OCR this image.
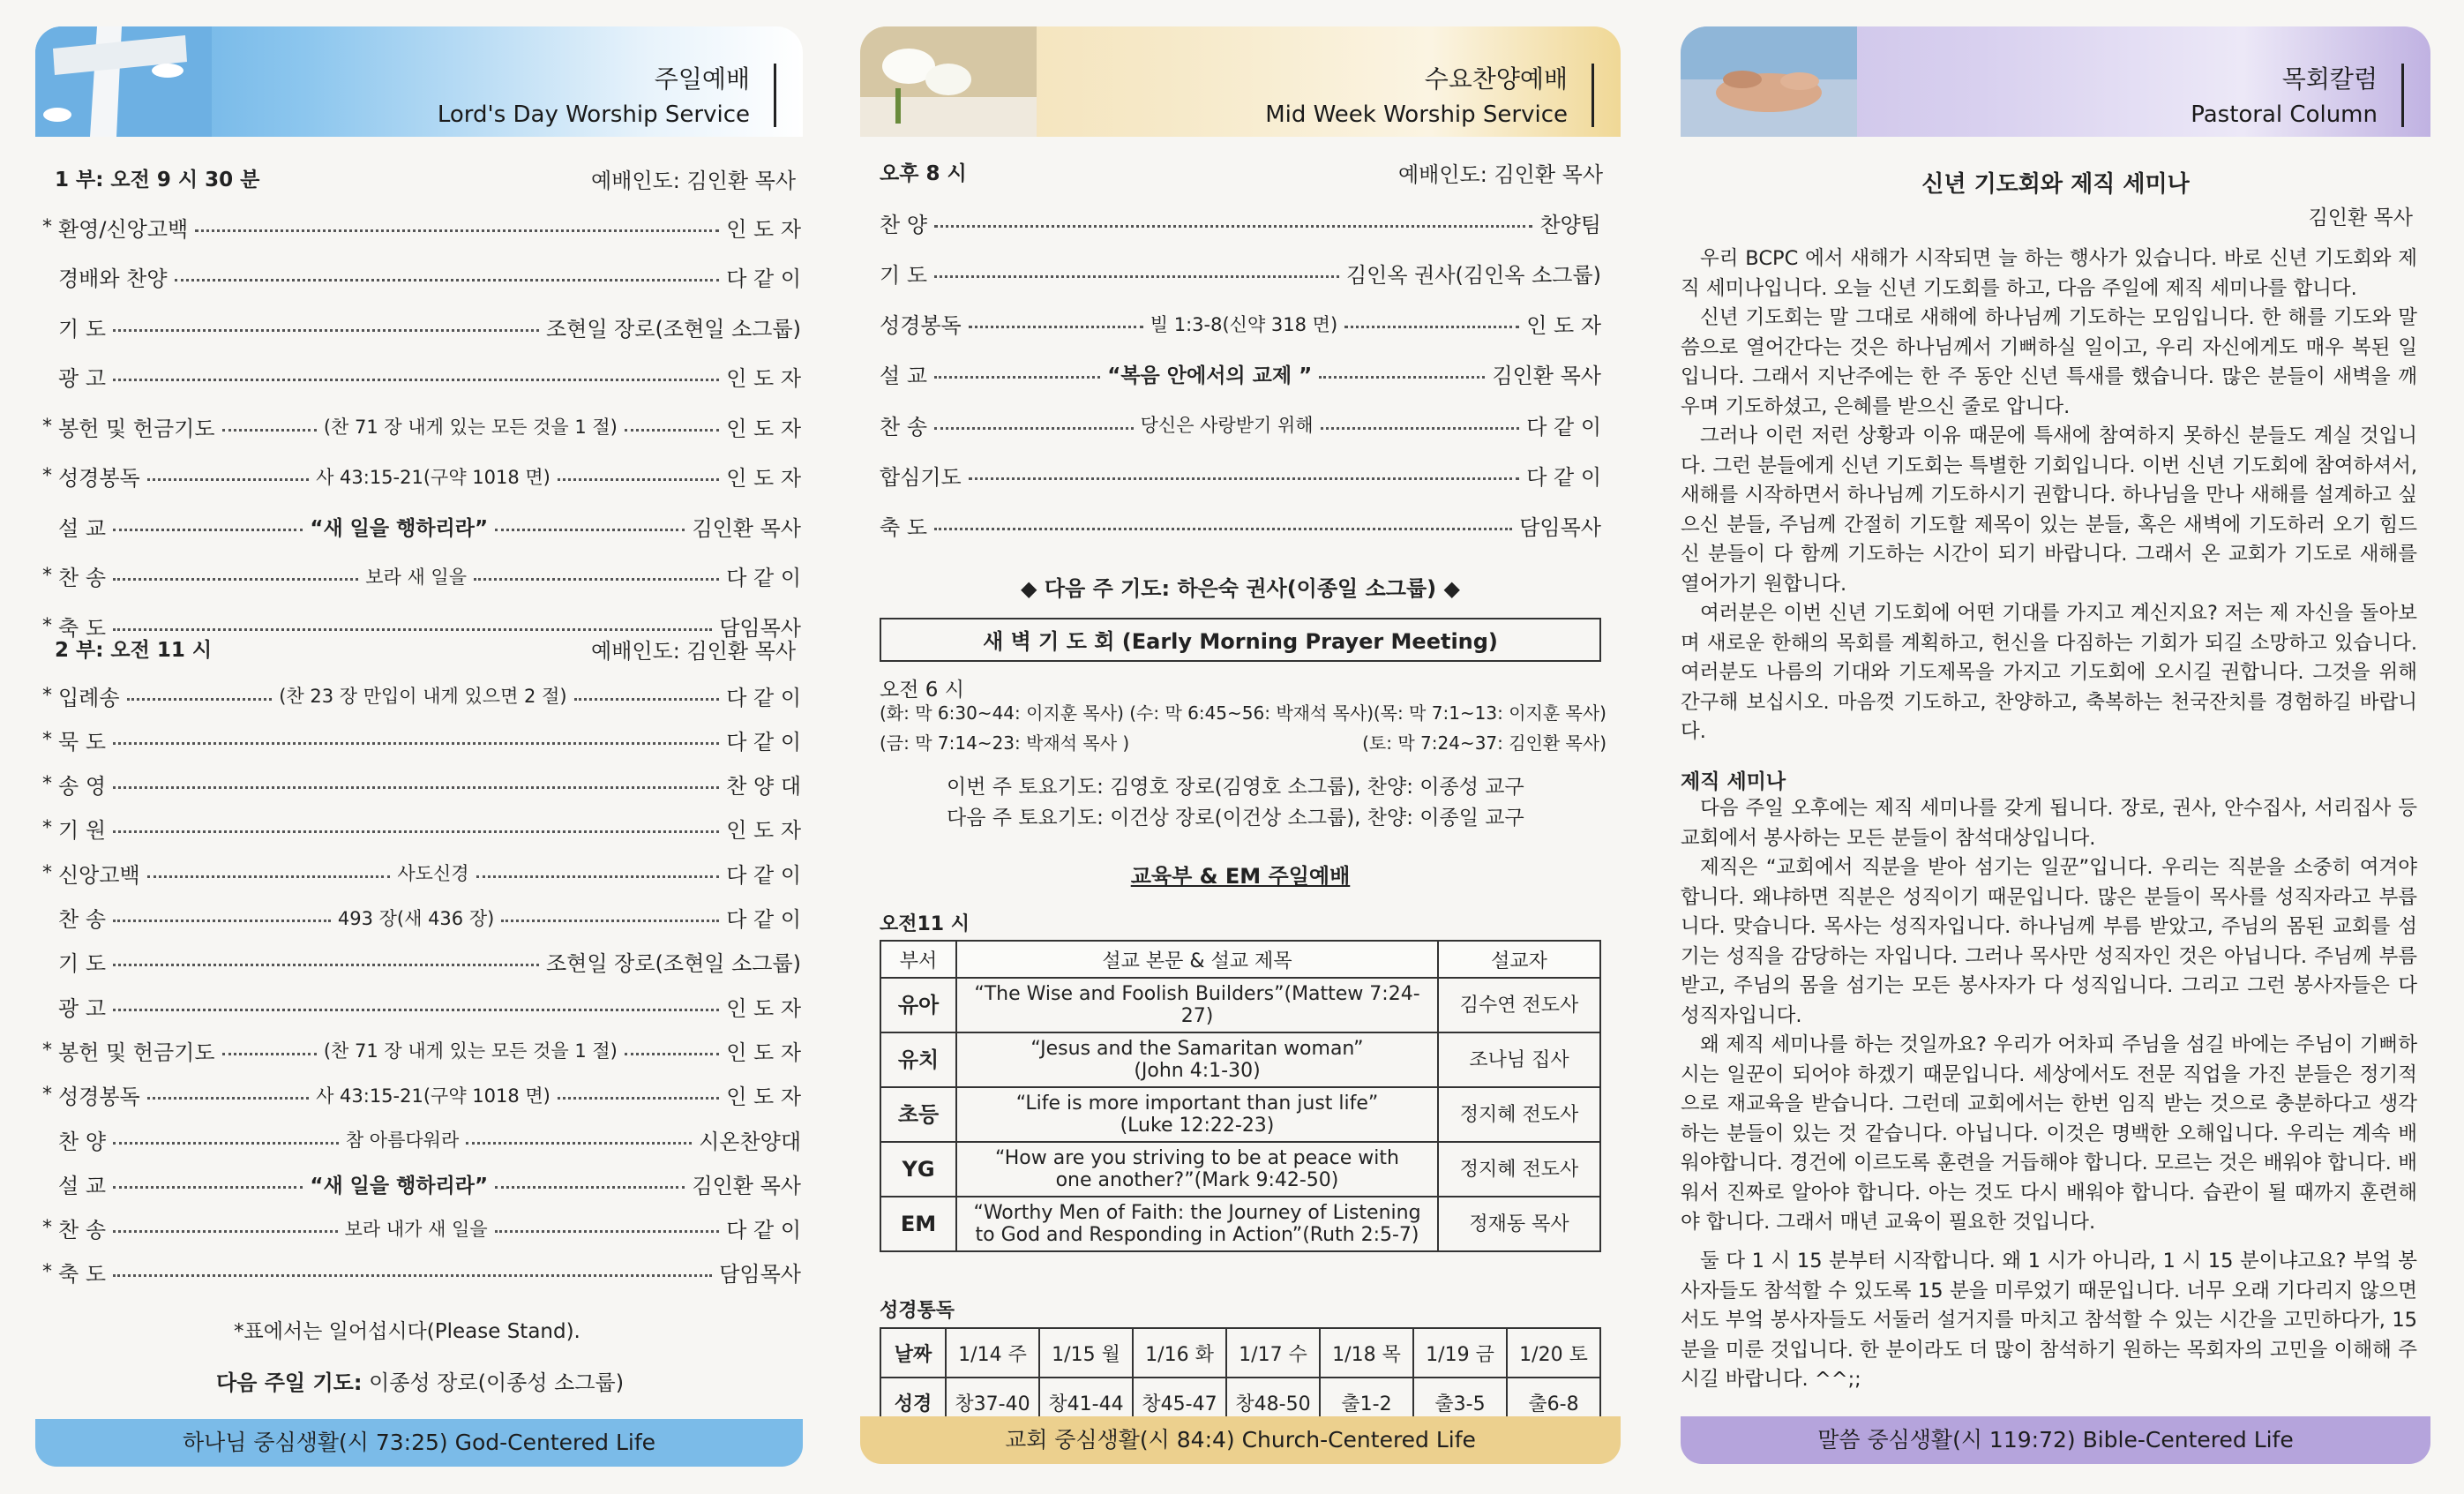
주일예배
Lord's Day Worship Service
1 부: 오전 9 시 30 분	예배인도: 김인환 목사
* 환영/신앙고백	인 도 자
경배와 찬양	다 같 이
기 도	조현일 장로(조현일 소그룹)
광 고	인 도 자
* 봉헌 및 헌금기도	(찬 71 장 내게 있는 모든 것을 1 절)	인 도 자
* 성경봉독	사 43:15-21(구약 1018 면)	인 도 자
설 교	“새 일을 행하리라”	김인환 목사
* 찬 송	보라 새 일을	다 같 이
* 축 도	담임목사
2 부: 오전 11 시	예배인도: 김인환 목사
* 입례송	(찬 23 장 만입이 내게 있으면 2 절)	다 같 이
* 묵 도	다 같 이
* 송 영	찬 양 대
* 기 원	인 도 자
* 신앙고백	사도신경	다 같 이
찬 송	493 장(새 436 장)	다 같 이
기 도	조현일 장로(조현일 소그룹)
광 고	인 도 자
* 봉헌 및 헌금기도	(찬 71 장 내게 있는 모든 것을 1 절)	인 도 자
* 성경봉독	사 43:15-21(구약 1018 면)	인 도 자
찬 양	참 아름다워라	시온찬양대
설 교	“새 일을 행하리라”	김인환 목사
* 찬 송	보라 내가 새 일을	다 같 이
* 축 도	담임목사
*표에서는 일어섭시다(Please Stand).
다음 주일 기도: 이종성 장로(이종성 소그룹)
하나님 중심생활(시 73:25) God-Centered Life
수요찬양예배
Mid Week Worship Service
오후 8 시	예배인도: 김인환 목사
찬 양	찬양팀
기 도	김인옥 권사(김인옥 소그룹)
성경봉독	빌 1:3-8(신약 318 면)	인 도 자
설 교	“복음 안에서의 교제 ”	김인환 목사
찬 송	당신은 사랑받기 위해	다 같 이
합심기도	다 같 이
축 도	담임목사
◆ 다음 주 기도: 하은숙 권사(이종일 소그룹) ◆
새 벽 기 도 회 (Early Morning Prayer Meeting)
오전 6 시
(화: 막 6:30~44: 이지훈 목사) (수: 막 6:45~56: 박재석 목사) (목: 막 7:1~13: 이지훈 목사)
(금: 막 7:14~23: 박재석 목사 )	(토: 막 7:24~37: 김인환 목사)
이번 주 토요기도: 김영호 장로(김영호 소그룹), 찬양: 이종성 교구
다음 주 토요기도: 이건상 장로(이건상 소그룹), 찬양: 이종일 교구
교육부 & EM 주일예배
오전11 시
부서	설교 본문 & 설교 제목	설교자
유아	“The Wise and Foolish Builders”(Mattew 7:24-27)	김수연 전도사
유치	“Jesus and the Samaritan woman”
(John 4:1-30)	조나님 집사
초등	“Life is more important than just life”
(Luke 12:22-23)	정지혜 전도사
YG	“How are you striving to be at peace with
one another?”(Mark 9:42-50)	정지혜 전도사
EM	“Worthy Men of Faith: the Journey of Listening
to God and Responding in Action”(Ruth 2:5-7)	정재동 목사
성경통독
날짜	1/14 주	1/15 월	1/16 화	1/17 수	1/18 목	1/19 금	1/20 토
성경	창37-40	창41-44	창45-47	창48-50	출1-2	출3-5	출6-8
교회 중심생활(시 84:4) Church-Centered Life
목회칼럼
Pastoral Column
신년 기도회와 제직 세미나
김인환 목사

우리 BCPC 에서 새해가 시작되면 늘 하는 행사가 있습니다. 바로 신년 기도회와 제직 세미나입니다. 오늘 신년 기도회를 하고, 다음 주일에 제직 세미나를 합니다.

신년 기도회는 말 그대로 새해에 하나님께 기도하는 모임입니다. 한 해를 기도와 말씀으로 열어간다는 것은 하나님께서 기뻐하실 일이고, 우리 자신에게도 매우 복된 일입니다. 그래서 지난주에는 한 주 동안 신년 특새를 했습니다. 많은 분들이 새벽을 깨우며 기도하셨고, 은혜를 받으신 줄로 압니다.

그러나 이런 저런 상황과 이유 때문에 특새에 참여하지 못하신 분들도 계실 것입니다. 그런 분들에게 신년 기도회는 특별한 기회입니다. 이번 신년 기도회에 참여하셔서, 새해를 시작하면서 하나님께 기도하시기 권합니다. 하나님을 만나 새해를 설계하고 싶으신 분들, 주님께 간절히 기도할 제목이 있는 분들, 혹은 새벽에 기도하러 오기 힘드신 분들이 다 함께 기도하는 시간이 되기 바랍니다. 그래서 온 교회가 기도로 새해를 열어가기 원합니다.

여러분은 이번 신년 기도회에 어떤 기대를 가지고 계신지요? 저는 제 자신을 돌아보며 새로운 한해의 목회를 계획하고, 헌신을 다짐하는 기회가 되길 소망하고 있습니다. 여러분도 나름의 기대와 기도제목을 가지고 기도회에 오시길 권합니다. 그것을 위해 간구해 보십시오. 마음껏 기도하고, 찬양하고, 축복하는 천국잔치를 경험하길 바랍니다.

제직 세미나

다음 주일 오후에는 제직 세미나를 갖게 됩니다. 장로, 권사, 안수집사, 서리집사 등 교회에서 봉사하는 모든 분들이 참석대상입니다.

제직은 “교회에서 직분을 받아 섬기는 일꾼”입니다. 우리는 직분을 소중히 여겨야 합니다. 왜냐하면 직분은 성직이기 때문입니다. 많은 분들이 목사를 성직자라고 부릅니다. 맞습니다. 목사는 성직자입니다. 하나님께 부름 받았고, 주님의 몸된 교회를 섬기는 성직을 감당하는 자입니다. 그러나 목사만 성직자인 것은 아닙니다. 주님께 부름 받고, 주님의 몸을 섬기는 모든 봉사자가 다 성직입니다. 그리고 그런 봉사자들은 다 성직자입니다.

왜 제직 세미나를 하는 것일까요? 우리가 어차피 주님을 섬길 바에는 주님이 기뻐하시는 일꾼이 되어야 하겠기 때문입니다. 세상에서도 전문 직업을 가진 분들은 정기적으로 재교육을 받습니다. 그런데 교회에서는 한번 임직 받는 것으로 충분하다고 생각하는 분들이 있는 것 같습니다. 아닙니다. 이것은 명백한 오해입니다. 우리는 계속 배워야합니다. 경건에 이르도록 훈련을 거듭해야 합니다. 모르는 것은 배워야 합니다. 배워서 진짜로 알아야 합니다. 아는 것도 다시 배워야 합니다. 습관이 될 때까지 훈련해야 합니다. 그래서 매년 교육이 필요한 것입니다.

둘 다 1 시 15 분부터 시작합니다. 왜 1 시가 아니라, 1 시 15 분이냐고요? 부엌 봉사자들도 참석할 수 있도록 15 분을 미루었기 때문입니다. 너무 오래 기다리지 않으면서도 부엌 봉사자들도 서둘러 설거지를 마치고 참석할 수 있는 시간을 고민하다가, 15 분을 미룬 것입니다. 한 분이라도 더 많이 참석하기 원하는 목회자의 고민을 이해해 주시길 바랍니다. ^^;;

말씀 중심생활(시 119:72) Bible-Centered Life
